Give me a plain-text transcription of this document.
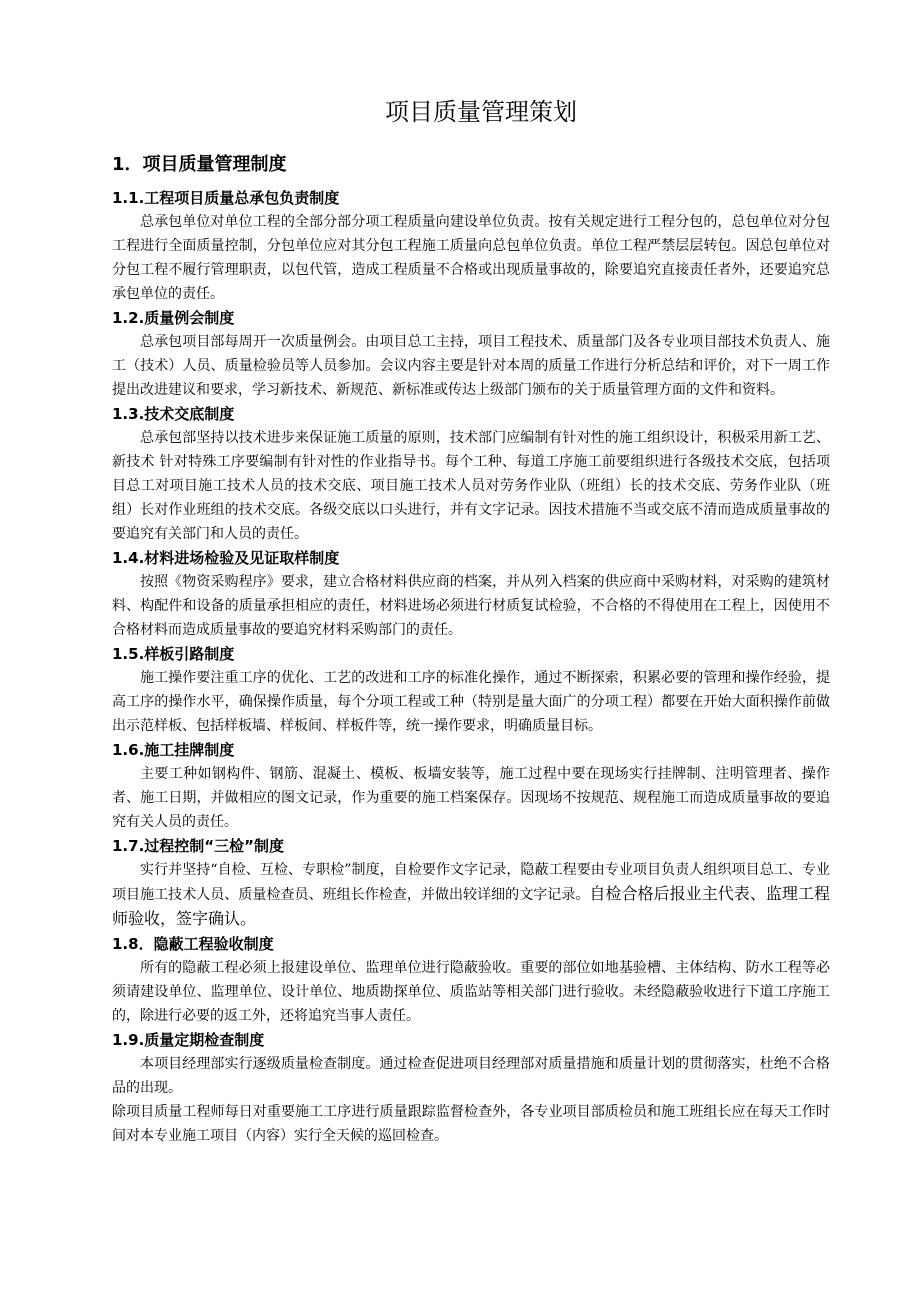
项目质量管理策划
1．项目质量管理制度
1.1.工程项目质量总承包负责制度

总承包单位对单位工程的全部分部分项工程质量向建设单位负责。按有关规定进行工程分包的，总包单位对分包工程进行全面质量控制，分包单位应对其分包工程施工质量向总包单位负责。单位工程严禁层层转包。因总包单位对分包工程不履行管理职责，以包代管，造成工程质量不合格或出现质量事故的，除要追究直接责任者外，还要追究总承包单位的责任。

1.2.质量例会制度

总承包项目部每周开一次质量例会。由项目总工主持，项目工程技术、质量部门及各专业项目部技术负责人、施工（技术）人员、质量检验员等人员参加。会议内容主要是针对本周的质量工作进行分析总结和评价，对下一周工作提出改进建议和要求，学习新技术、新规范、新标准或传达上级部门颁布的关于质量管理方面的文件和资料。

1.3.技术交底制度

总承包部坚持以技术进步来保证施工质量的原则，技术部门应编制有针对性的施工组织设计，积极采用新工艺、新技术 针对特殊工序要编制有针对性的作业指导书。每个工种、每道工序施工前要组织进行各级技术交底，包括项目总工对项目施工技术人员的技术交底、项目施工技术人员对劳务作业队（班组）长的技术交底、劳务作业队（班组）长对作业班组的技术交底。各级交底以口头进行，并有文字记录。因技术措施不当或交底不清而造成质量事故的要追究有关部门和人员的责任。

1.4.材料进场检验及见证取样制度

按照《物资采购程序》要求，建立合格材料供应商的档案，并从列入档案的供应商中采购材料，对采购的建筑材料、构配件和设备的质量承担相应的责任，材料进场必须进行材质复试检验，不合格的不得使用在工程上，因使用不合格材料而造成质量事故的要追究材料采购部门的责任。

1.5.样板引路制度

施工操作要注重工序的优化、工艺的改进和工序的标准化操作，通过不断探索，积累必要的管理和操作经验，提高工序的操作水平，确保操作质量，每个分项工程或工种（特别是量大面广的分项工程）都要在开始大面积操作前做出示范样板、包括样板墙、样板间、样板件等，统一操作要求，明确质量目标。

1.6.施工挂牌制度

主要工种如钢构件、钢筋、混凝土、模板、板墙安装等，施工过程中要在现场实行挂牌制、注明管理者、操作者、施工日期，并做相应的图文记录，作为重要的施工档案保存。因现场不按规范、规程施工而造成质量事故的要追究有关人员的责任。

1.7.过程控制“三检”制度

实行并坚持“自检、互检、专职检”制度，自检要作文字记录，隐蔽工程要由专业项目负责人组织项目总工、专业项目施工技术人员、质量检查员、班组长作检查，并做出较详细的文字记录。自检合格后报业主代表、监理工程师验收，签字确认。

1.8．隐蔽工程验收制度

所有的隐蔽工程必须上报建设单位、监理单位进行隐蔽验收。重要的部位如地基验槽、主体结构、防水工程等必须请建设单位、监理单位、设计单位、地质勘探单位、质监站等相关部门进行验收。未经隐蔽验收进行下道工序施工的，除进行必要的返工外，还将追究当事人责任。

1.9.质量定期检查制度

本项目经理部实行逐级质量检查制度。通过检查促进项目经理部对质量措施和质量计划的贯彻落实，杜绝不合格品的出现。

除项目质量工程师每日对重要施工工序进行质量跟踪监督检查外，各专业项目部质检员和施工班组长应在每天工作时间对本专业施工项目（内容）实行全天候的巡回检查。
